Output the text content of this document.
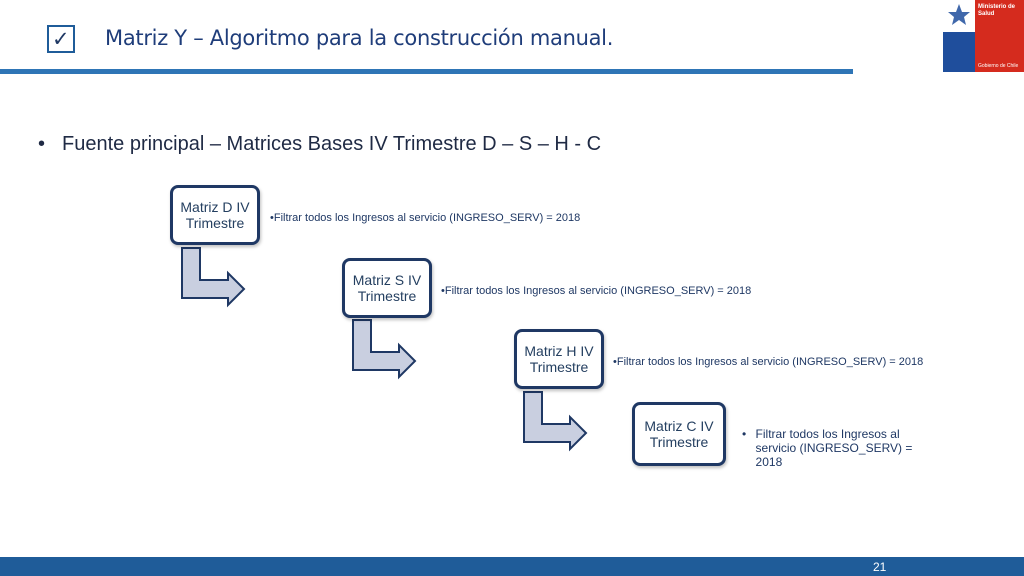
✓ Matriz Y – Algoritmo para la construcción manual.
Ministerio de
Salud
Gobierno de Chile
• Fuente principal – Matrices Bases IV Trimestre D – S – H - C
Matriz D IV
Trimestre	•Filtrar todos los Ingresos al servicio (INGRESO_SERV) = 2018
Matriz S IV
Trimestre	•Filtrar todos los Ingresos al servicio (INGRESO_SERV) = 2018
Matriz H IV
Trimestre	•Filtrar todos los Ingresos al servicio (INGRESO_SERV) = 2018
Matriz C IV
Trimestre	• Filtrar todos los Ingresos al servicio (INGRESO_SERV) = 2018
21
